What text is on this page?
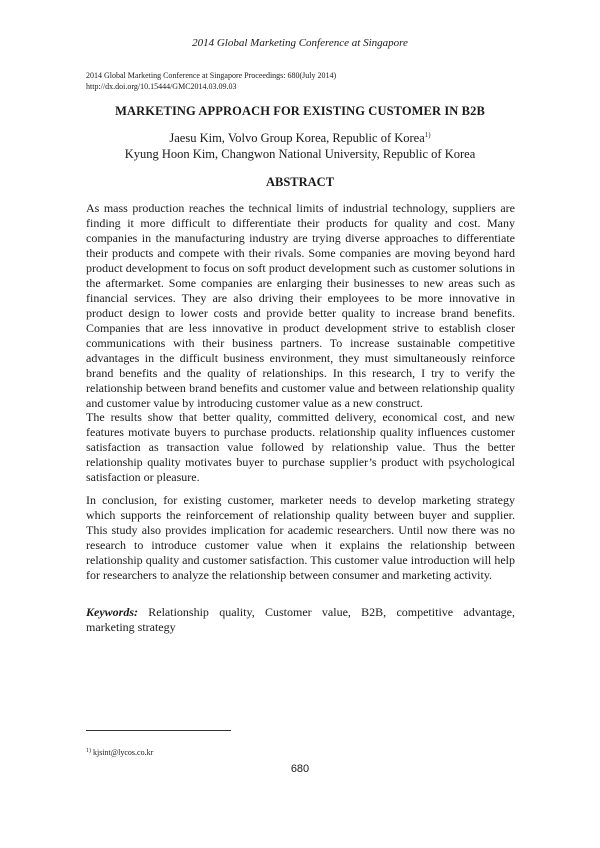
2014 Global Marketing Conference at Singapore
2014 Global Marketing Conference at Singapore Proceedings: 680(July 2014)
http://dx.doi.org/10.15444/GMC2014.03.09.03
MARKETING APPROACH FOR EXISTING CUSTOMER IN B2B
Jaesu Kim, Volvo Group Korea, Republic of Korea$^{1)}$
Kyung Hoon Kim, Changwon National University, Republic of Korea
ABSTRACT

As mass production reaches the technical limits of industrial technology, suppliers are finding it more difficult to differentiate their products for quality and cost. Many companies in the manufacturing industry are trying diverse approaches to differentiate their products and compete with their rivals. Some companies are moving beyond hard product development to focus on soft product development such as customer solutions in the aftermarket. Some companies are enlarging their businesses to new areas such as financial services. They are also driving their employees to be more innovative in product design to lower costs and provide better quality to increase brand benefits. Companies that are less innovative in product development strive to establish closer communications with their business partners. To increase sustainable competitive advantages in the difficult business environment, they must simultaneously reinforce brand benefits and the quality of relationships. In this research, I try to verify the relationship between brand benefits and customer value and between relationship quality and customer value by introducing customer value as a new construct.

The results show that better quality, committed delivery, economical cost, and new features motivate buyers to purchase products. relationship quality influences customer satisfaction as transaction value followed by relationship value. Thus the better relationship quality motivates buyer to purchase supplier’s product with psychological satisfaction or pleasure.

In conclusion, for existing customer, marketer needs to develop marketing strategy which supports the reinforcement of relationship quality between buyer and supplier. This study also provides implication for academic researchers. Until now there was no research to introduce customer value when it explains the relationship between relationship quality and customer satisfaction. This customer value introduction will help for researchers to analyze the relationship between consumer and marketing activity.

Keywords: Relationship quality, Customer value, B2B, competitive advantage, marketing strategy

$^{1)}$ kjsint@lycos.co.kr
680
